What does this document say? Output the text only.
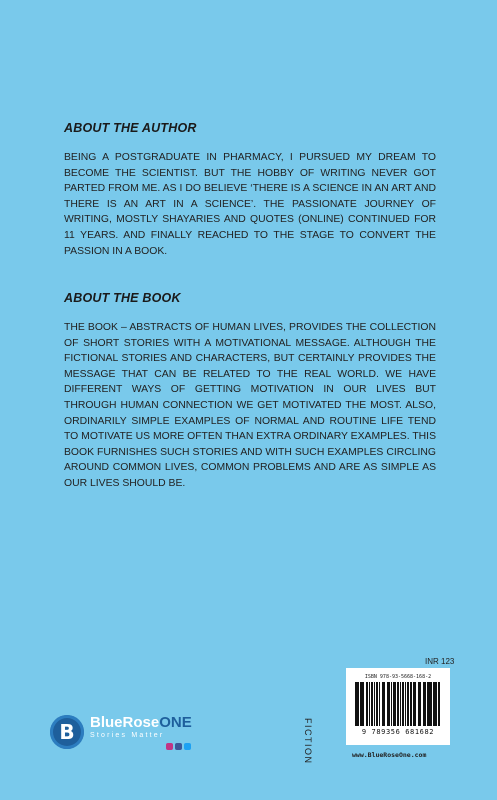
ABOUT THE AUTHOR
BEING A POSTGRADUATE IN PHARMACY, I PURSUED MY DREAM TO BECOME THE SCIENTIST. BUT THE HOBBY OF WRITING NEVER GOT PARTED FROM ME. AS I DO BELIEVE ‘THERE IS A SCIENCE IN AN ART AND THERE IS AN ART IN A SCIENCE’. THE PASSIONATE JOURNEY OF WRITING, MOSTLY SHAYARIES AND QUOTES (ONLINE) CONTINUED FOR 11 YEARS. AND FINALLY REACHED TO THE STAGE TO CONVERT THE PASSION IN A BOOK.
ABOUT THE BOOK
THE BOOK – ABSTRACTS OF HUMAN LIVES, PROVIDES THE COLLECTION OF SHORT STORIES WITH A MOTIVATIONAL MESSAGE. ALTHOUGH THE FICTIONAL STORIES AND CHARACTERS, BUT CERTAINLY PROVIDES THE MESSAGE THAT CAN BE RELATED TO THE REAL WORLD. WE HAVE DIFFERENT WAYS OF GETTING MOTIVATION IN OUR LIVES BUT THROUGH HUMAN CONNECTION WE GET MOTIVATED THE MOST. ALSO, ORDINARILY SIMPLE EXAMPLES OF NORMAL AND ROUTINE LIFE TEND TO MOTIVATE US MORE OFTEN THAN EXTRA ORDINARY EXAMPLES. THIS BOOK FURNISHES SUCH STORIES AND WITH SUCH EXAMPLES CIRCLING AROUND COMMON LIVES, COMMON PROBLEMS AND ARE AS SIMPLE AS OUR LIVES SHOULD BE.
B BlueRoseONE
Stories Matter
INR 123
FICTION
ISBN 978-93-5668-168-2
9 789356 681682
www.BlueRoseOne.com
